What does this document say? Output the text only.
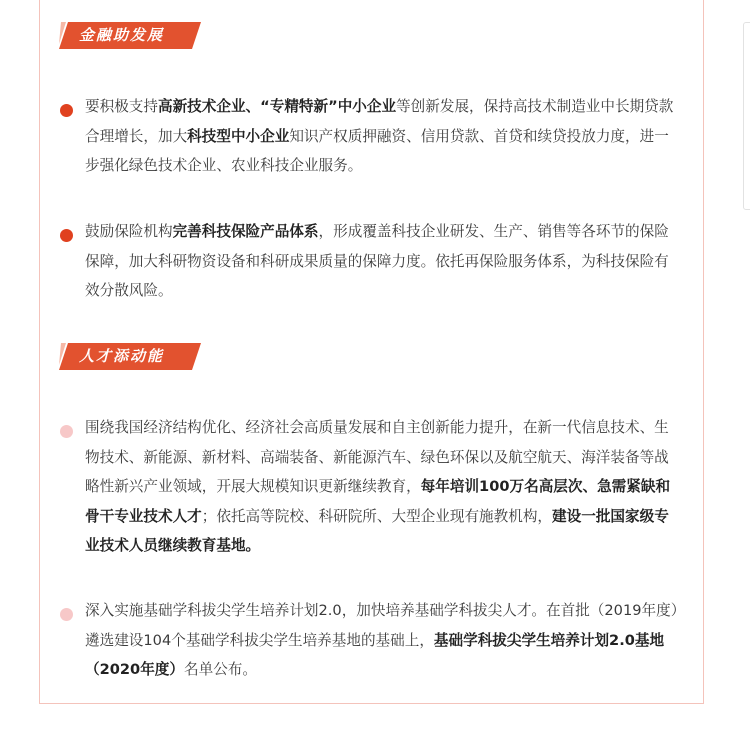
金融助发展
要积极支持高新技术企业、“专精特新”中小企业等创新发展，保持高技术制造业中长期贷款合理增长，加大科技型中小企业知识产权质押融资、信用贷款、首贷和续贷投放力度，进一步强化绿色技术企业、农业科技企业服务。
鼓励保险机构完善科技保险产品体系，形成覆盖科技企业研发、生产、销售等各环节的保险保障，加大科研物资设备和科研成果质量的保障力度。依托再保险服务体系，为科技保险有效分散风险。
人才添动能
围绕我国经济结构优化、经济社会高质量发展和自主创新能力提升，在新一代信息技术、生物技术、新能源、新材料、高端装备、新能源汽车、绿色环保以及航空航天、海洋装备等战略性新兴产业领域，开展大规模知识更新继续教育，每年培训100万名高层次、急需紧缺和骨干专业技术人才；依托高等院校、科研院所、大型企业现有施教机构，建设一批国家级专业技术人员继续教育基地。
深入实施基础学科拔尖学生培养计划2.0，加快培养基础学科拔尖人才。在首批（2019年度）遴选建设104个基础学科拔尖学生培养基地的基础上，基础学科拔尖学生培养计划2.0基地（2020年度）名单公布。
